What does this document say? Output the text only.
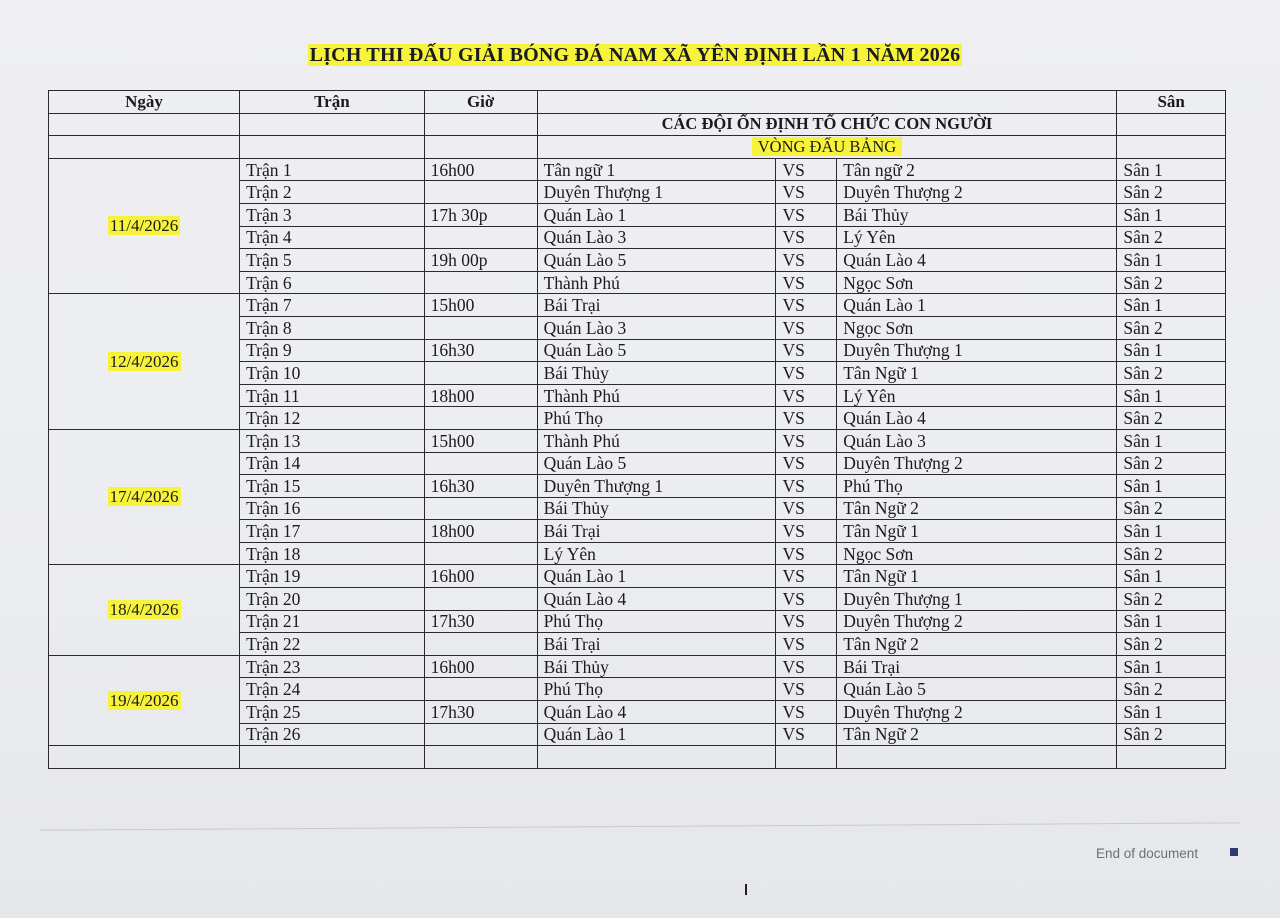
LỊCH THI ĐẤU GIẢI BÓNG ĐÁ NAM XÃ YÊN ĐỊNH LẦN 1 NĂM 2026
Ngày	Trận	Giờ				Sân
			CÁC ĐỘI ỔN ĐỊNH TỔ CHỨC CON NGƯỜI			
			VÒNG ĐẤU BẢNG			
11/4/2026	Trận 1	16h00	Tân ngữ 1	VS	Tân ngữ 2	Sân 1
	Trận 2		Duyên Thượng 1	VS	Duyên Thượng 2	Sân 2
	Trận 3	17h 30p	Quán Lào 1	VS	Bái Thủy	Sân 1
	Trận 4		Quán Lào 3	VS	Lý Yên	Sân 2
	Trận 5	19h 00p	Quán Lào 5	VS	Quán Lào 4	Sân 1
	Trận 6		Thành Phú	VS	Ngọc Sơn	Sân 2
12/4/2026	Trận 7	15h00	Bái Trại	VS	Quán Lào 1	Sân 1
	Trận 8		Quán Lào 3	VS	Ngọc Sơn	Sân 2
	Trận 9	16h30	Quán Lào 5	VS	Duyên Thượng 1	Sân 1
	Trận 10		Bái Thủy	VS	Tân Ngữ 1	Sân 2
	Trận 11	18h00	Thành Phú	VS	Lý Yên	Sân 1
	Trận 12		Phú Thọ	VS	Quán Lào 4	Sân 2
17/4/2026	Trận 13	15h00	Thành Phú	VS	Quán Lào 3	Sân 1
	Trận 14		Quán Lào 5	VS	Duyên Thượng 2	Sân 2
	Trận 15	16h30	Duyên Thượng 1	VS	Phú Thọ	Sân 1
	Trận 16		Bái Thủy	VS	Tân Ngữ 2	Sân 2
	Trận 17	18h00	Bái Trại	VS	Tân Ngữ 1	Sân 1
	Trận 18		Lý Yên	VS	Ngọc Sơn	Sân 2
18/4/2026	Trận 19	16h00	Quán Lào 1	VS	Tân Ngữ 1	Sân 1
	Trận 20		Quán Lào 4	VS	Duyên Thượng 1	Sân 2
	Trận 21	17h30	Phú Thọ	VS	Duyên Thượng 2	Sân 1
	Trận 22		Bái Trại	VS	Tân Ngữ 2	Sân 2
19/4/2026	Trận 23	16h00	Bái Thủy	VS	Bái Trại	Sân 1
	Trận 24		Phú Thọ	VS	Quán Lào 5	Sân 2
	Trận 25	17h30	Quán Lào 4	VS	Duyên Thượng 2	Sân 1
	Trận 26		Quán Lào 1	VS	Tân Ngữ 2	Sân 2

End of document
